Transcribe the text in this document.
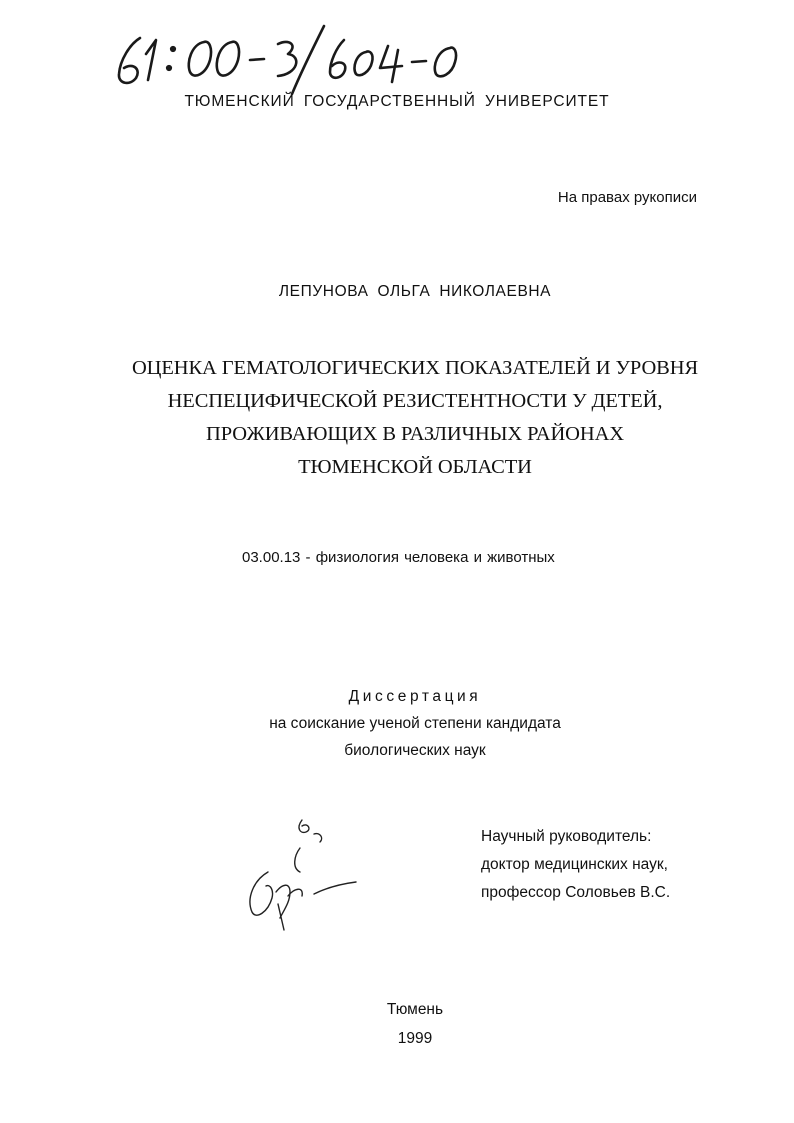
ТЮМЕНСКИЙ ГОСУДАРСТВЕННЫЙ УНИВЕРСИТЕТ
На правах рукописи
ЛЕПУНОВА ОЛЬГА НИКОЛАЕВНА
ОЦЕНКА ГЕМАТОЛОГИЧЕСКИХ ПОКАЗАТЕЛЕЙ И УРОВНЯ
НЕСПЕЦИФИЧЕСКОЙ РЕЗИСТЕНТНОСТИ У ДЕТЕЙ,
ПРОЖИВАЮЩИХ В РАЗЛИЧНЫХ РАЙОНАХ
ТЮМЕНСКОЙ ОБЛАСТИ
03.00.13 - физиология человека и животных
Диссертация
на соискание ученой степени кандидата
биологических наук
Научный руководитель:
доктор медицинских наук,
профессор Соловьев В.С.
Тюмень
1999
